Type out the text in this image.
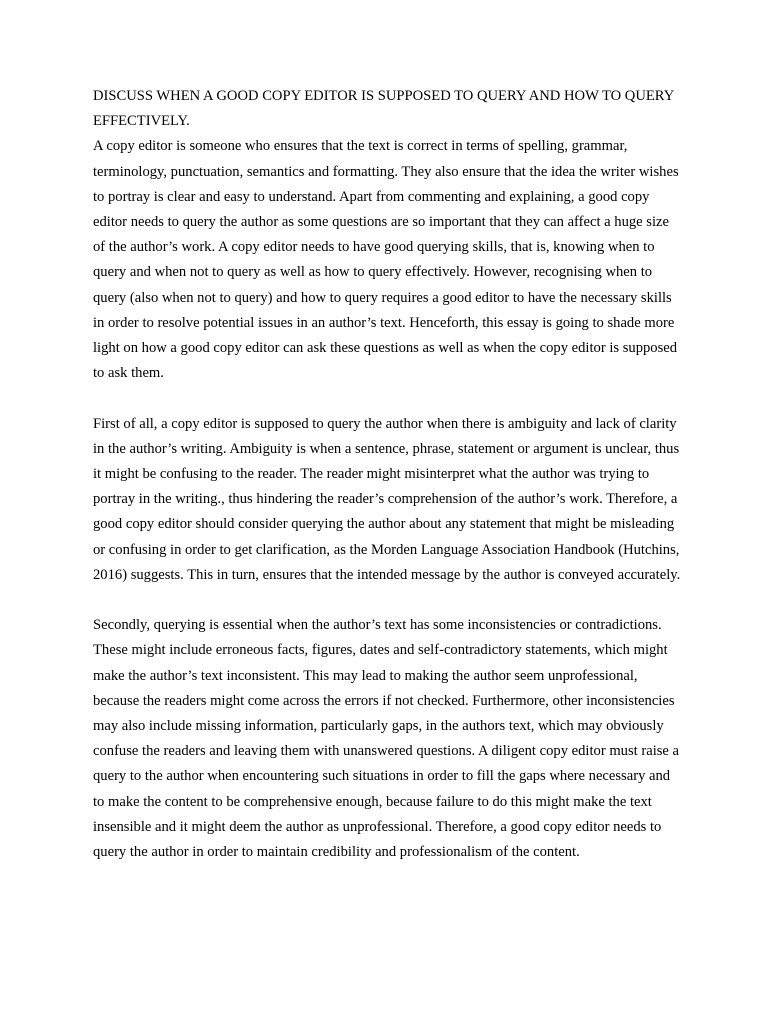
DISCUSS WHEN A GOOD COPY EDITOR IS SUPPOSED TO QUERY AND HOW TO QUERY EFFECTIVELY.

A copy editor is someone who ensures that the text is correct in terms of spelling, grammar, terminology, punctuation, semantics and formatting. They also ensure that the idea the writer wishes to portray is clear and easy to understand. Apart from commenting and explaining, a good copy editor needs to query the author as some questions are so important that they can affect a huge size of the author’s work. A copy editor needs to have good querying skills, that is, knowing when to query and when not to query as well as how to query effectively. However, recognising when to query (also when not to query) and how to query requires a good editor to have the necessary skills in order to resolve potential issues in an author’s text. Henceforth, this essay is going to shade more light on how a good copy editor can ask these questions as well as when the copy editor is supposed to ask them.

First of all, a copy editor is supposed to query the author when there is ambiguity and lack of clarity in the author’s writing. Ambiguity is when a sentence, phrase, statement or argument is unclear, thus it might be confusing to the reader. The reader might misinterpret what the author was trying to portray in the writing., thus hindering the reader’s comprehension of the author’s work. Therefore, a good copy editor should consider querying the author about any statement that might be misleading or confusing in order to get clarification, as the Morden Language Association Handbook (Hutchins, 2016) suggests. This in turn, ensures that the intended message by the author is conveyed accurately.

Secondly, querying is essential when the author’s text has some inconsistencies or contradictions. These might include erroneous facts, figures, dates and self-contradictory statements, which might make the author’s text inconsistent. This may lead to making the author seem unprofessional, because the readers might come across the errors if not checked. Furthermore, other inconsistencies may also include missing information, particularly gaps, in the authors text, which may obviously confuse the readers and leaving them with unanswered questions. A diligent copy editor must raise a query to the author when encountering such situations in order to fill the gaps where necessary and to make the content to be comprehensive enough, because failure to do this might make the text insensible and it might deem the author as unprofessional. Therefore, a good copy editor needs to query the author in order to maintain credibility and professionalism of the content.
